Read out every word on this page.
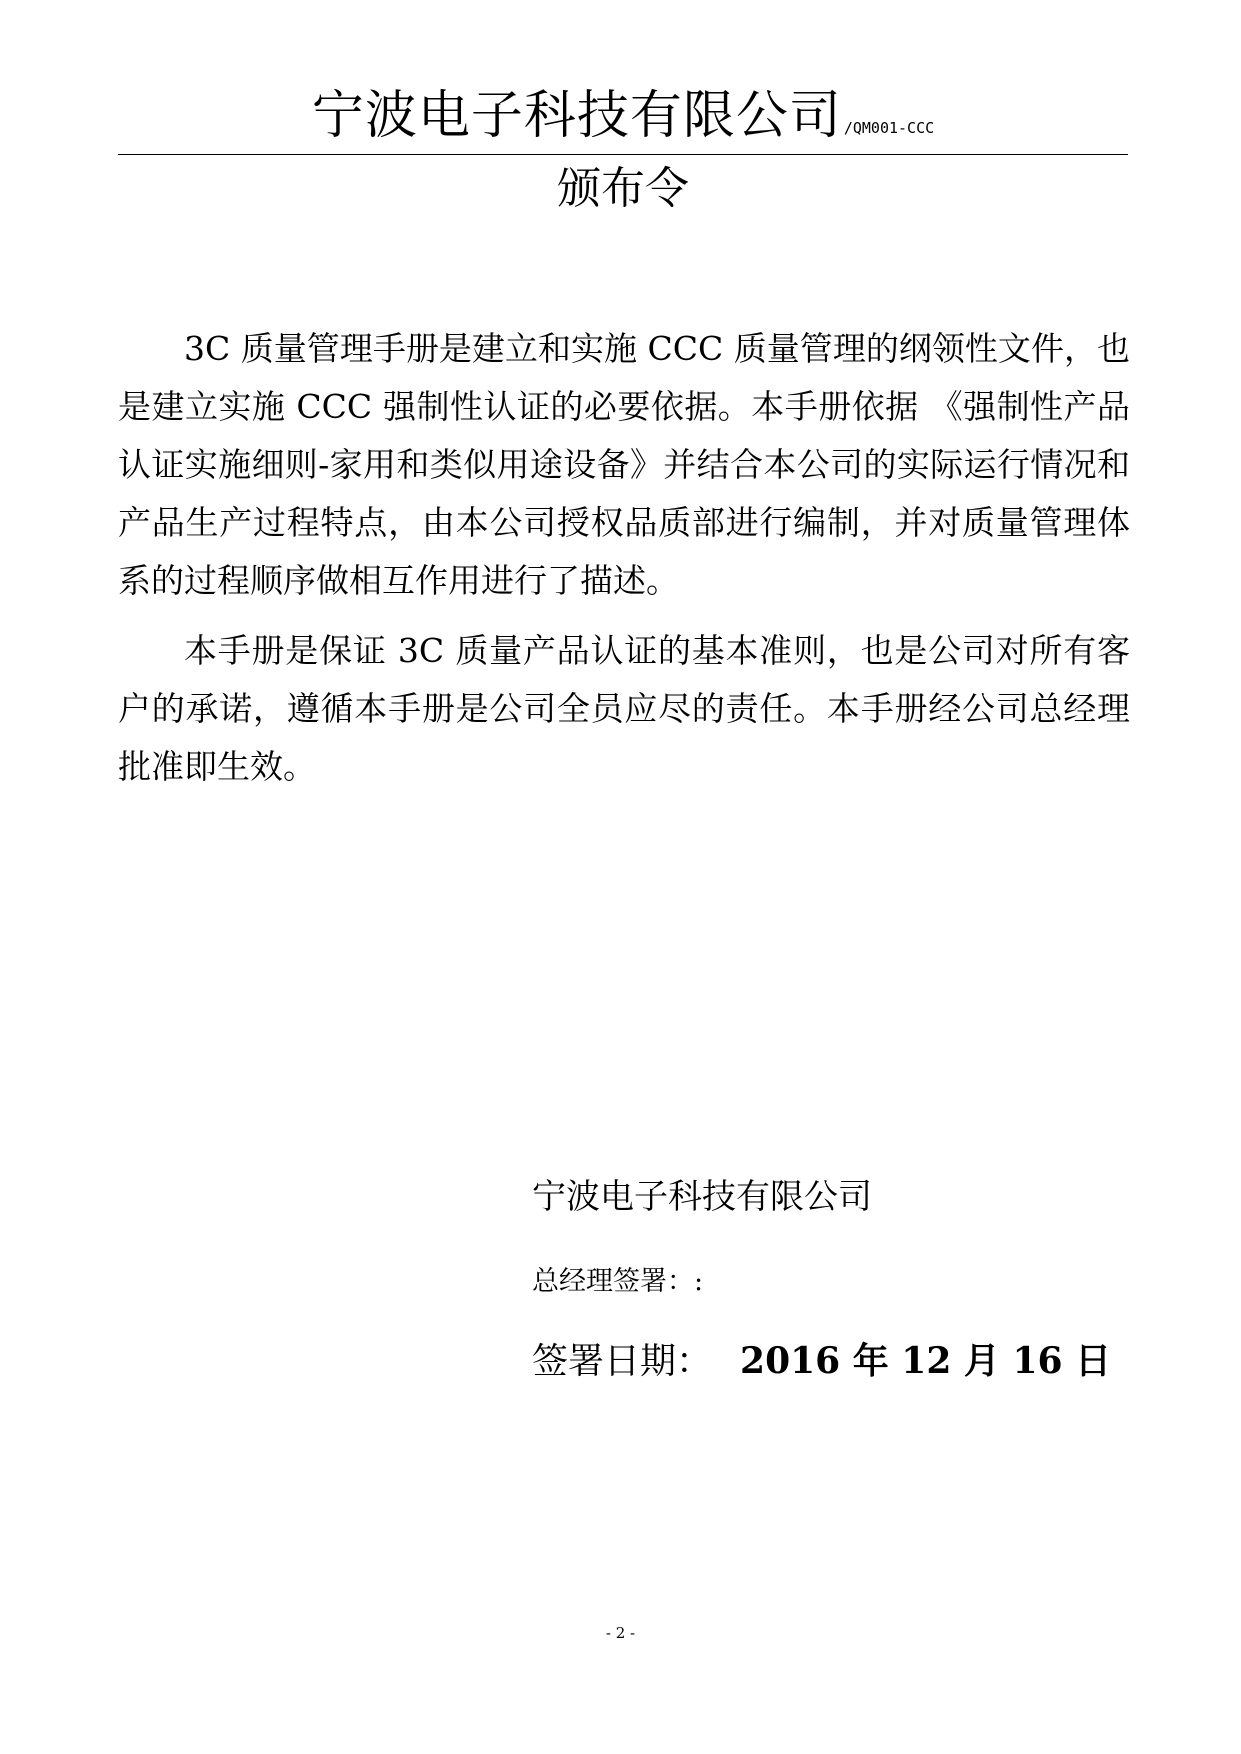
宁波电子科技有限公司 /QM001-CCC
颁布令

3C 质量管理手册是建立和实施 CCC 质量管理的纲领性文件，也是建立实施 CCC 强制性认证的必要依据。本手册依据 《强制性产品认证实施细则-家用和类似用途设备》并结合本公司的实际运行情况和产品生产过程特点，由本公司授权品质部进行编制，并对质量管理体系的过程顺序做相互作用进行了描述。

本手册是保证 3C 质量产品认证的基本准则，也是公司对所有客户的承诺，遵循本手册是公司全员应尽的责任。本手册经公司总经理批准即生效。

宁波电子科技有限公司
总经理签署：:
签署日期： 2016 年 12 月 16 日
- 2 -
